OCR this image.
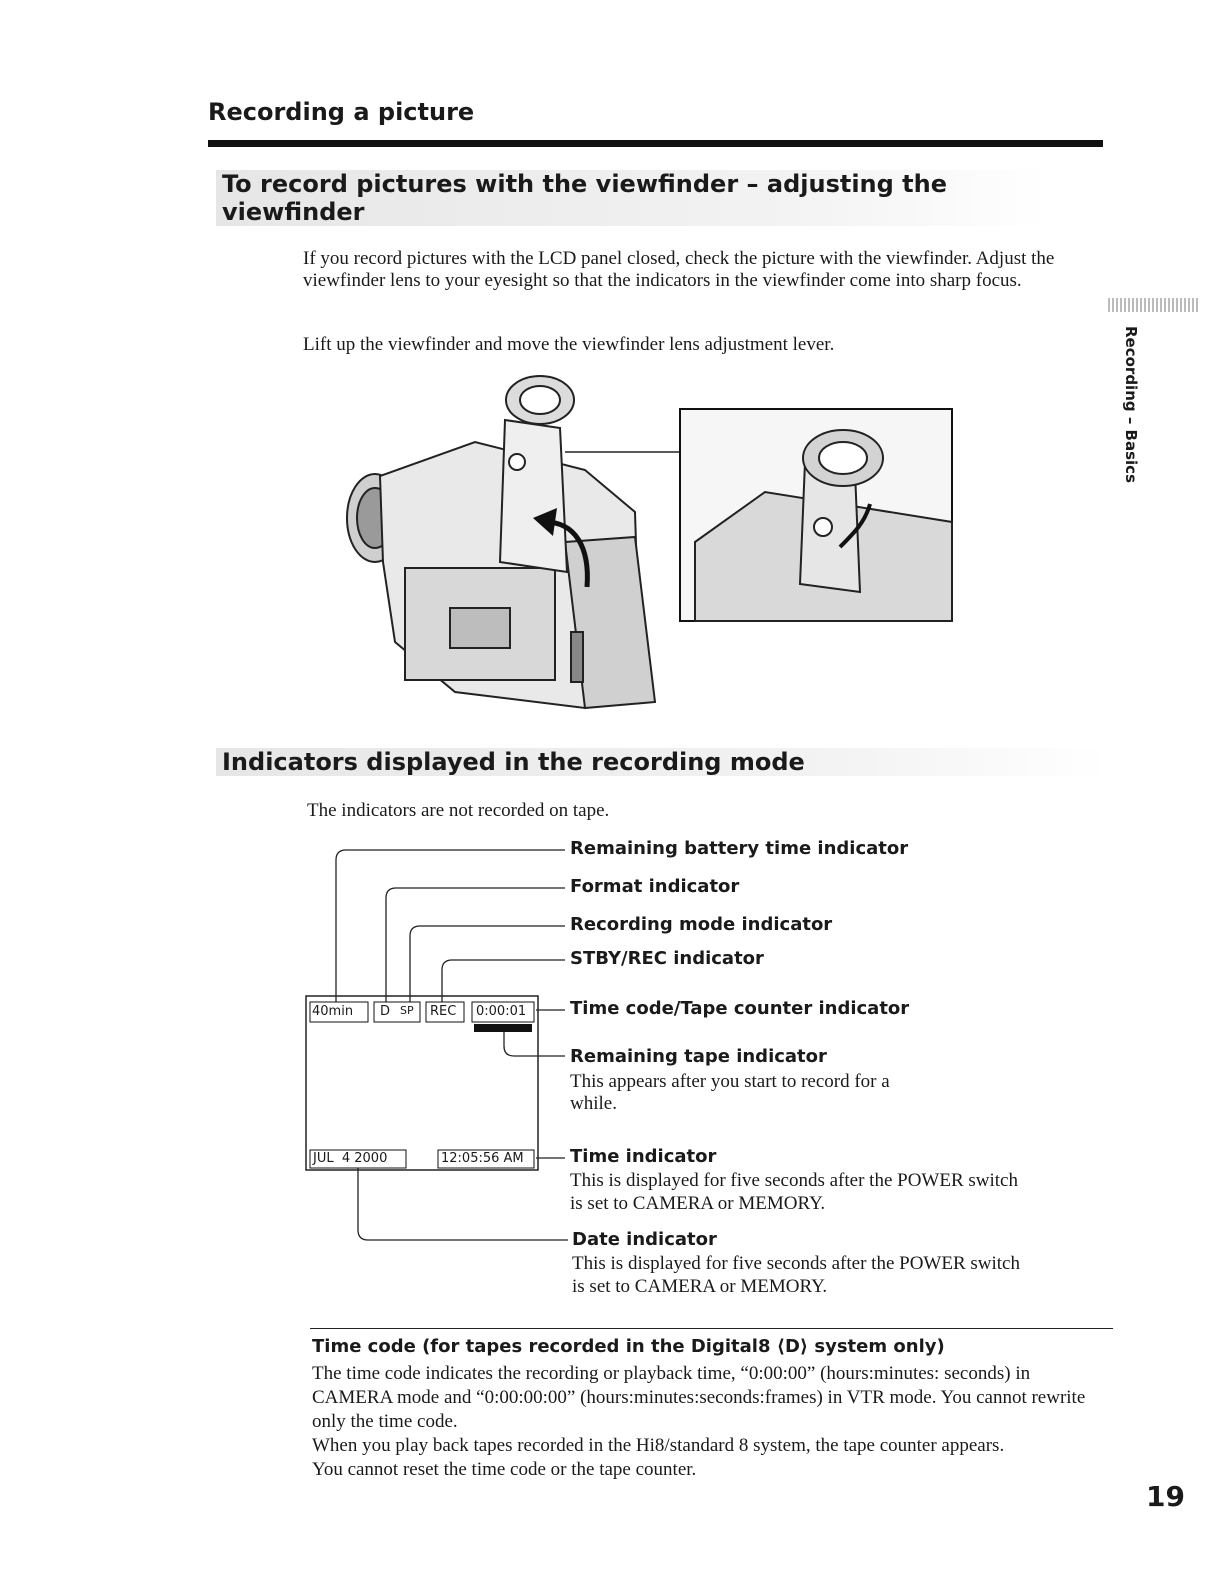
Recording a picture
Recording – Basics
To record pictures with the viewfinder – adjusting the viewfinder
If you record pictures with the LCD panel closed, check the picture with the viewfinder. Adjust the viewfinder lens to your eyesight so that the indicators in the viewfinder come into sharp focus.
Lift up the viewfinder and move the viewfinder lens adjustment lever.
Indicators displayed in the recording mode
The indicators are not recorded on tape.
40min D SP REC 0:00:01
JUL  4 2000	12:05:56 AM
Remaining battery time indicator
Format indicator
Recording mode indicator
STBY/REC indicator
Time code/Tape counter indicator
Remaining tape indicator
This appears after you start to record for a while.
Time indicator
This is displayed for five seconds after the POWER switch
is set to CAMERA or MEMORY.
Date indicator
This is displayed for five seconds after the POWER switch
is set to CAMERA or MEMORY.
Time code (for tapes recorded in the Digital8 ⟨D⟩ system only)
The time code indicates the recording or playback time, “0:00:00” (hours:minutes: seconds) in CAMERA mode and “0:00:00:00” (hours:minutes:seconds:frames) in VTR mode. You cannot rewrite only the time code.
When you play back tapes recorded in the Hi8/standard 8 system, the tape counter appears.
You cannot reset the time code or the tape counter.
19
